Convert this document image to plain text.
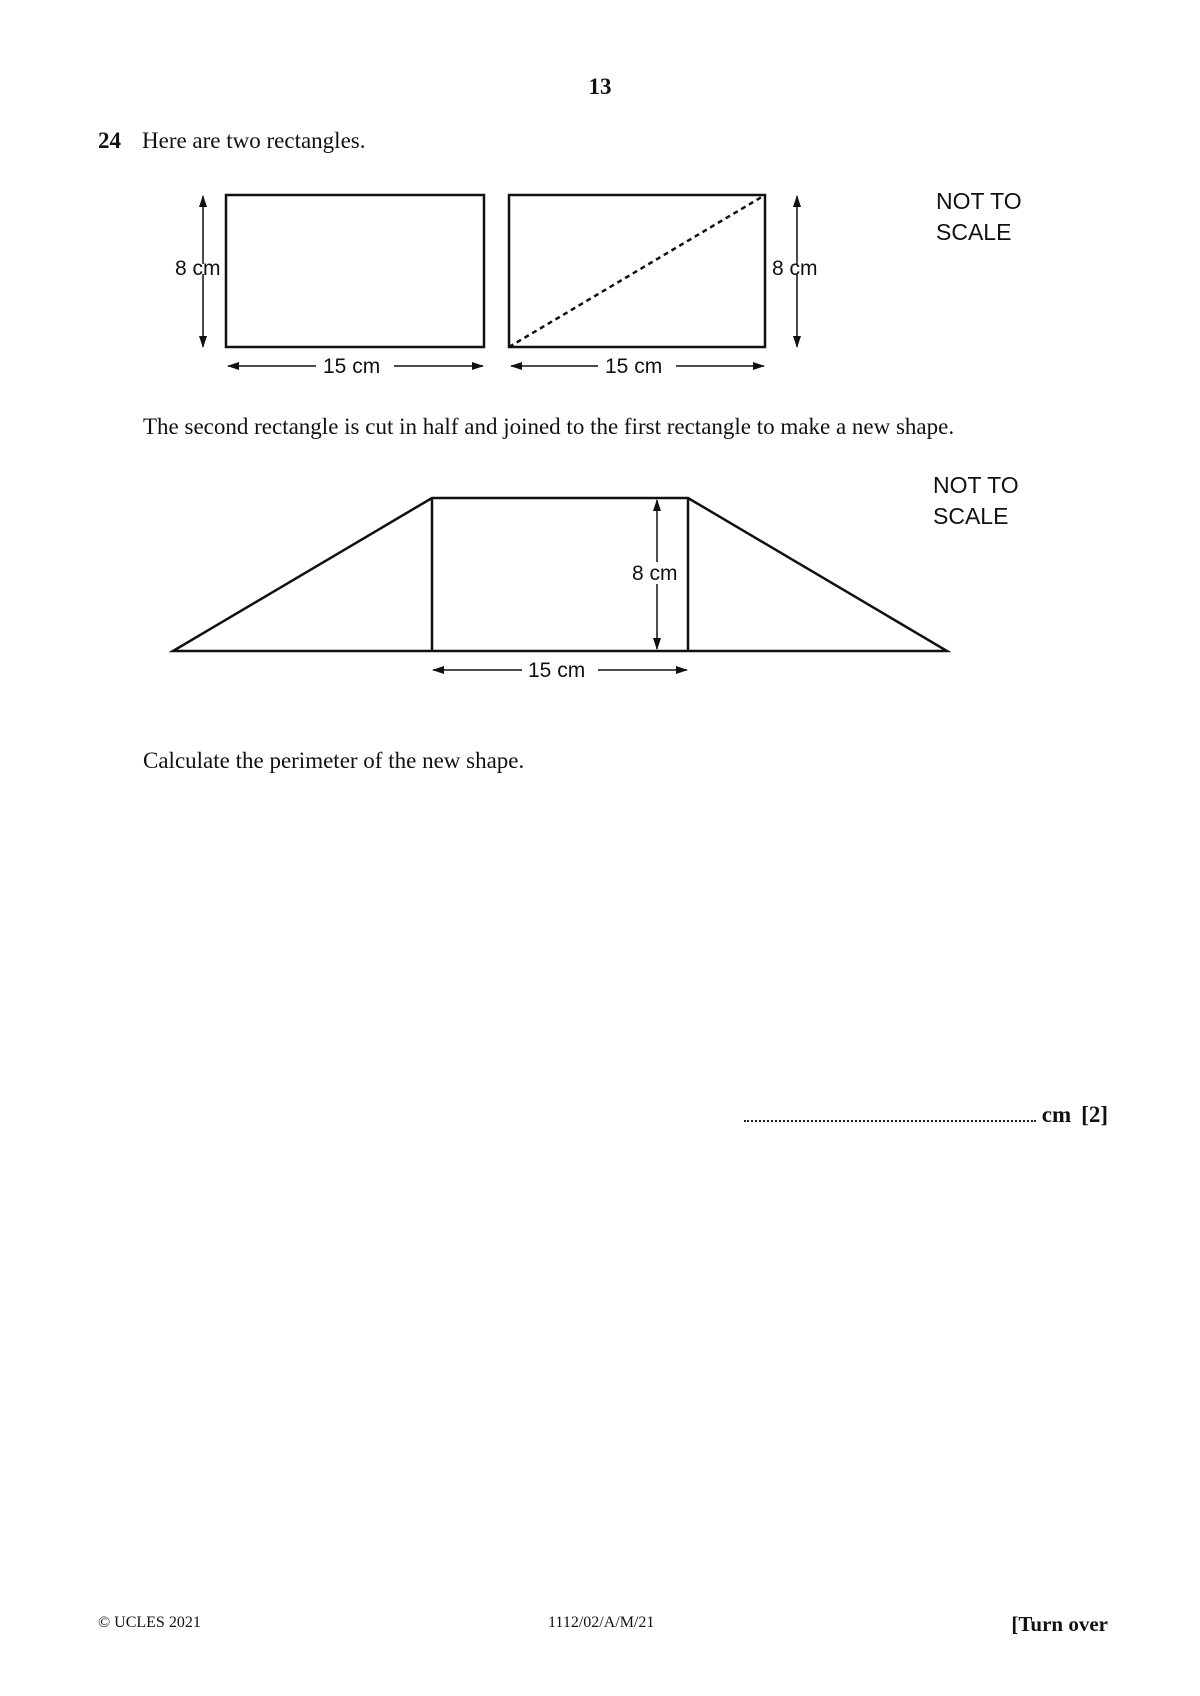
13
24 Here are two rectangles.
8 cm
15 cm
8 cm
15 cm
8 cm
15 cm
NOT TO
SCALE
The second rectangle is cut in half and joined to the first rectangle to make a new shape.
NOT TO
SCALE
Calculate the perimeter of the new shape.
cm [2]
© UCLES 2021	1112/02/A/M/21	[Turn over
